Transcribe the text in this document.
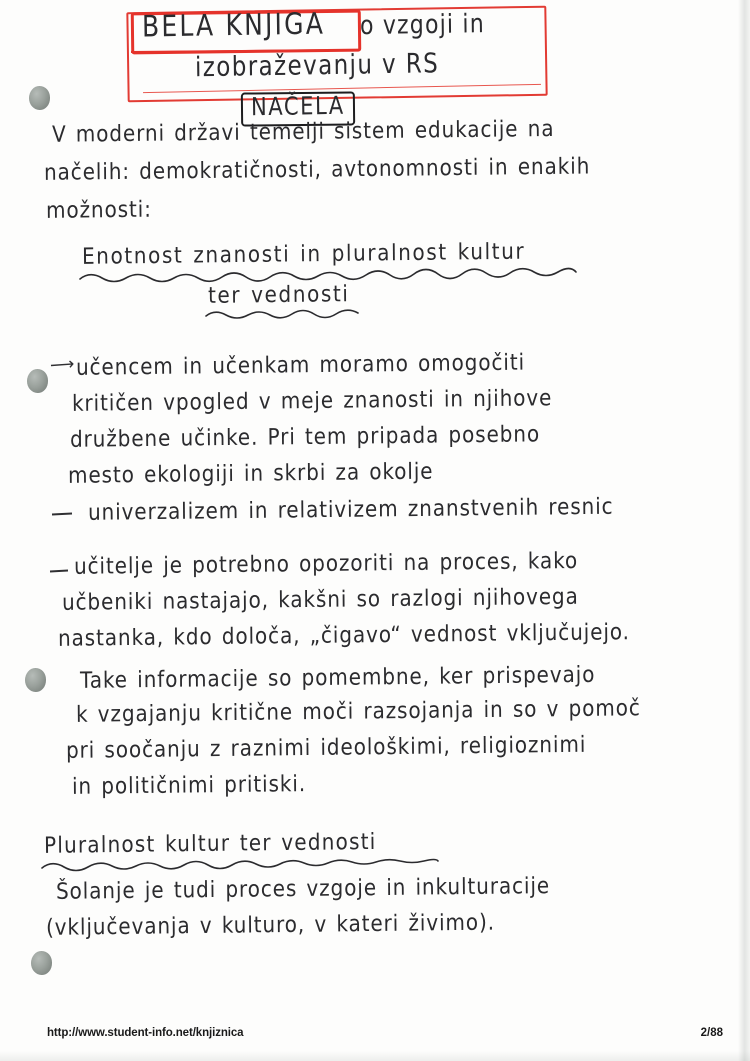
BELA KNJIGA o vzgoji in
izobraževanju v RS
NAČELA
V moderni državi temelji sistem edukacije na
načelih: demokratičnosti, avtonomnosti in enakih
možnosti:
Enotnost znanosti in pluralnost kultur
ter vednosti
⟶ učencem in učenkam moramo omogočiti
kritičen vpogled v meje znanosti in njihove
družbene učinke. Pri tem pripada posebno
mesto ekologiji in skrbi za okolje
univerzalizem in relativizem znanstvenih resnic
učitelje je potrebno opozoriti na proces, kako
učbeniki nastajajo, kakšni so razlogi njihovega
nastanka, kdo določa, „čigavo“ vednost vključujejo.
Take informacije so pomembne, ker prispevajo
k vzgajanju kritične moči razsojanja in so v pomoč
pri soočanju z raznimi ideološkimi, religioznimi
in političnimi pritiski.
Pluralnost kultur ter vednosti
Šolanje je tudi proces vzgoje in inkulturacije
(vključevanja v kulturo, v kateri živimo).
http://www.student-info.net/knjiznica	2/88
